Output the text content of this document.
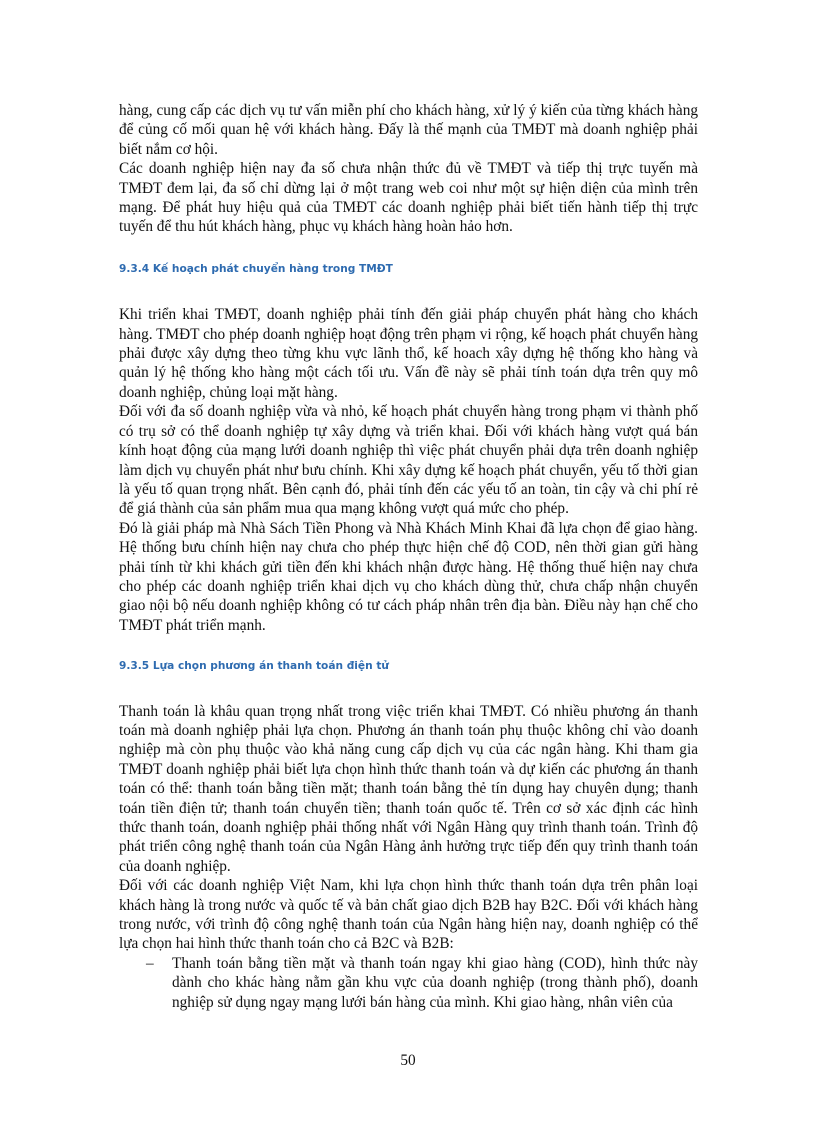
hàng, cung cấp các dịch vụ tư vấn miễn phí cho khách hàng, xử lý ý kiến của từng khách hàng để củng cố mối quan hệ với khách hàng. Đấy là thế mạnh của TMĐT mà doanh nghiệp phải biết nắm cơ hội.

Các doanh nghiệp hiện nay đa số chưa nhận thức đủ về TMĐT và tiếp thị trực tuyến mà TMĐT đem lại, đa số chỉ dừng lại ở một trang web coi như một sự hiện diện của mình trên mạng. Để phát huy hiệu quả của TMĐT các doanh nghiệp phải biết tiến hành tiếp thị trực tuyến để thu hút khách hàng, phục vụ khách hàng hoàn hảo hơn.

9.3.4 Kế hoạch phát chuyển hàng trong TMĐT

Khi triển khai TMĐT, doanh nghiệp phải tính đến giải pháp chuyển phát hàng cho khách hàng. TMĐT cho phép doanh nghiệp hoạt động trên phạm vi rộng, kế hoạch phát chuyển hàng phải được xây dựng theo từng khu vực lãnh thổ, kế hoach xây dựng hệ thống kho hàng và quản lý hệ thống kho hàng một cách tối ưu. Vấn đề này sẽ phải tính toán dựa trên quy mô doanh nghiệp, chủng loại mặt hàng.

Đối với đa số doanh nghiệp vừa và nhỏ, kế hoạch phát chuyển hàng trong phạm vi thành phố có trụ sở có thể doanh nghiệp tự xây dựng và triển khai. Đối với khách hàng vượt quá bán kính hoạt động của mạng lưới doanh nghiệp thì việc phát chuyển phải dựa trên doanh nghiệp làm dịch vụ chuyển phát như bưu chính. Khi xây dựng kế hoạch phát chuyển, yếu tố thời gian là yếu tố quan trọng nhất. Bên cạnh đó, phải tính đến các yếu tố an toàn, tin cậy và chi phí rẻ để giá thành của sản phẩm mua qua mạng không vượt quá mức cho phép.

Đó là giải pháp mà Nhà Sách Tiền Phong và Nhà Khách Minh Khai đã lựa chọn để giao hàng. Hệ thống bưu chính hiện nay chưa cho phép thực hiện chế độ COD, nên thời gian gửi hàng phải tính từ khi khách gửi tiền đến khi khách nhận được hàng. Hệ thống thuế hiện nay chưa cho phép các doanh nghiệp triển khai dịch vụ cho khách dùng thử, chưa chấp nhận chuyển giao nội bộ nếu doanh nghiệp không có tư cách pháp nhân trên địa bàn. Điều này hạn chế cho TMĐT phát triển mạnh.

9.3.5 Lựa chọn phương án thanh toán điện tử

Thanh toán là khâu quan trọng nhất trong việc triển khai TMĐT. Có nhiều phương án thanh toán mà doanh nghiệp phải lựa chọn. Phương án thanh toán phụ thuộc không chỉ vào doanh nghiệp mà còn phụ thuộc vào khả năng cung cấp dịch vụ của các ngân hàng. Khi tham gia TMĐT doanh nghiệp phải biết lựa chọn hình thức thanh toán và dự kiến các phương án thanh toán có thể: thanh toán bằng tiền mặt; thanh toán bằng thẻ tín dụng hay chuyên dụng; thanh toán tiền điện tử; thanh toán chuyển tiền; thanh toán quốc tế. Trên cơ sở xác định các hình thức thanh toán, doanh nghiệp phải thống nhất với Ngân Hàng quy trình thanh toán. Trình độ phát triển công nghệ thanh toán của Ngân Hàng ảnh hưởng trực tiếp đến quy trình thanh toán của doanh nghiệp.

Đối với các doanh nghiệp Việt Nam, khi lựa chọn hình thức thanh toán dựa trên phân loại khách hàng là trong nước và quốc tế và bản chất giao dịch B2B hay B2C. Đối với khách hàng trong nước, với trình độ công nghệ thanh toán của Ngân hàng hiện nay, doanh nghiệp có thể lựa chọn hai hình thức thanh toán cho cả B2C và B2B:

– Thanh toán bằng tiền mặt và thanh toán ngay khi giao hàng (COD), hình thức này dành cho khác hàng nằm gần khu vực của doanh nghiệp (trong thành phố), doanh nghiệp sử dụng ngay mạng lưới bán hàng của mình. Khi giao hàng, nhân viên của
50
